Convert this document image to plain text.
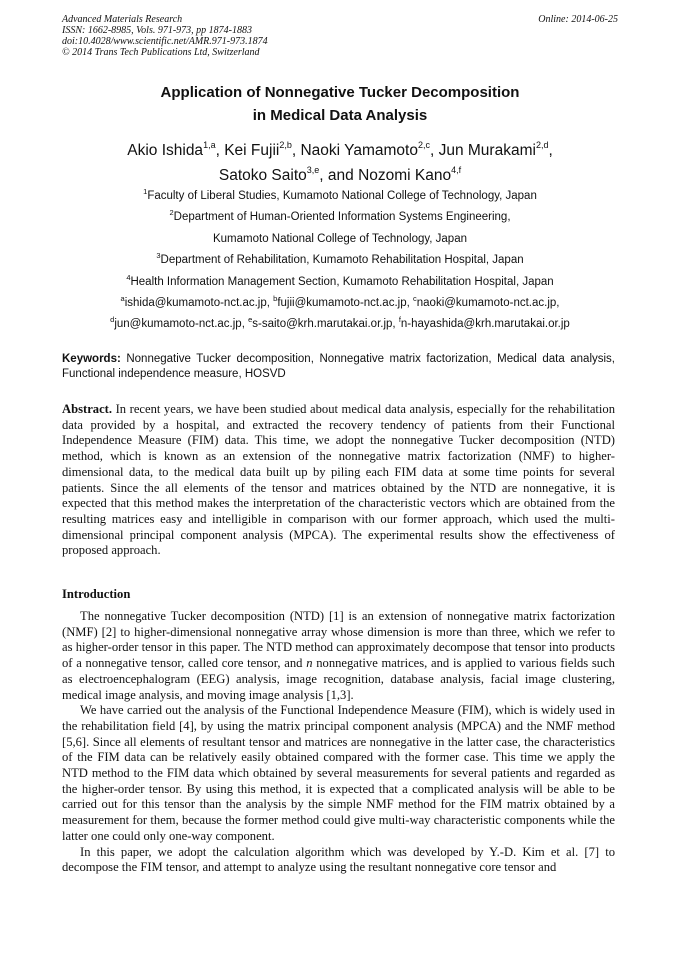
Advanced Materials Research
ISSN: 1662-8985, Vols. 971-973, pp 1874-1883
doi:10.4028/www.scientific.net/AMR.971-973.1874
© 2014 Trans Tech Publications Ltd, Switzerland
Online: 2014-06-25
Application of Nonnegative Tucker Decomposition
in Medical Data Analysis
Akio Ishida$^{1,a}$, Kei Fujii$^{2,b}$, Naoki Yamamoto$^{2,c}$, Jun Murakami$^{2,d}$,
Satoko Saito$^{3,e}$, and Nozomi Kano$^{4,f}$
$^1$Faculty of Liberal Studies, Kumamoto National College of Technology, Japan
$^2$Department of Human-Oriented Information Systems Engineering,
Kumamoto National College of Technology, Japan
$^3$Department of Rehabilitation, Kumamoto Rehabilitation Hospital, Japan
$^4$Health Information Management Section, Kumamoto Rehabilitation Hospital, Japan
$^a$ishida@kumamoto-nct.ac.jp, $^b$fujii@kumamoto-nct.ac.jp, $^c$naoki@kumamoto-nct.ac.jp,
$^d$jun@kumamoto-nct.ac.jp, $^e$s-saito@krh.marutakai.or.jp, $^f$n-hayashida@krh.marutakai.or.jp
Keywords: Nonnegative Tucker decomposition, Nonnegative matrix factorization, Medical data analysis, Functional independence measure, HOSVD
Abstract. In recent years, we have been studied about medical data analysis, especially for the rehabilitation data provided by a hospital, and extracted the recovery tendency of patients from their Functional Independence Measure (FIM) data. This time, we adopt the nonnegative Tucker decomposition (NTD) method, which is known as an extension of the nonnegative matrix factorization (NMF) to higher-dimensional data, to the medical data built up by piling each FIM data at some time points for several patients. Since the all elements of the tensor and matrices obtained by the NTD are nonnegative, it is expected that this method makes the interpretation of the characteristic vectors which are obtained from the resulting matrices easy and intelligible in comparison with our former approach, which used the multi-dimensional principal component analysis (MPCA). The experimental results show the effectiveness of proposed approach.
Introduction

The nonnegative Tucker decomposition (NTD) [1] is an extension of nonnegative matrix factorization (NMF) [2] to higher-dimensional nonnegative array whose dimension is more than three, which we refer to as higher-order tensor in this paper. The NTD method can approximately decompose that tensor into products of a nonnegative tensor, called core tensor, and n nonnegative matrices, and is applied to various fields such as electroencephalogram (EEG) analysis, image recognition, database analysis, facial image clustering, medical image analysis, and moving image analysis [1,3].

We have carried out the analysis of the Functional Independence Measure (FIM), which is widely used in the rehabilitation field [4], by using the matrix principal component analysis (MPCA) and the NMF method [5,6]. Since all elements of resultant tensor and matrices are nonnegative in the latter case, the characteristics of the FIM data can be relatively easily obtained compared with the former case. This time we apply the NTD method to the FIM data which obtained by several measurements for several patients and regarded as the higher-order tensor. By using this method, it is expected that a complicated analysis will be able to be carried out for this tensor than the analysis by the simple NMF method for the FIM matrix obtained by a measurement for them, because the former method could give multi-way characteristic components while the latter one could only one-way component.

In this paper, we adopt the calculation algorithm which was developed by Y.-D. Kim et al. [7] to decompose the FIM tensor, and attempt to analyze using the resultant nonnegative core tensor and
